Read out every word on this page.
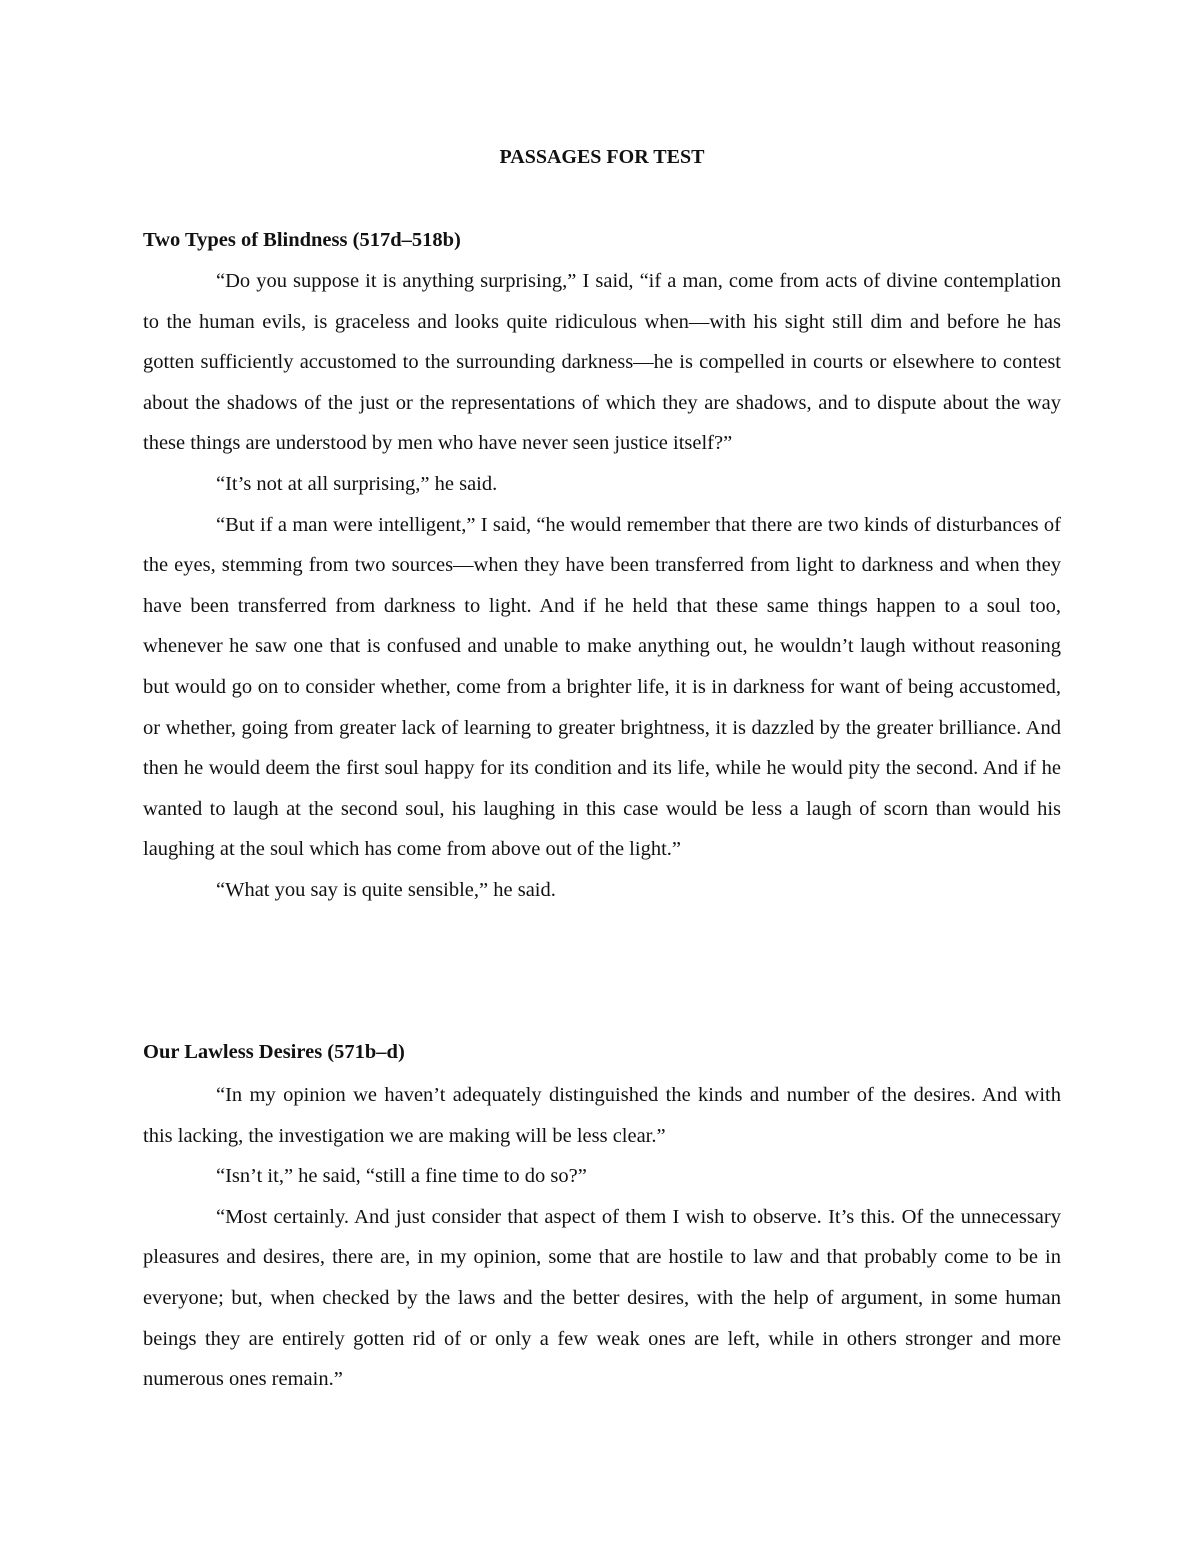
PASSAGES FOR TEST
Two Types of Blindness (517d–518b)

“Do you suppose it is anything surprising,” I said, “if a man, come from acts of divine contemplation to the human evils, is graceless and looks quite ridiculous when—with his sight still dim and before he has gotten sufficiently accustomed to the surrounding darkness—he is compelled in courts or elsewhere to contest about the shadows of the just or the representations of which they are shadows, and to dispute about the way these things are understood by men who have never seen justice itself?”

“It’s not at all surprising,” he said.

“But if a man were intelligent,” I said, “he would remember that there are two kinds of disturbances of the eyes, stemming from two sources—when they have been transferred from light to darkness and when they have been transferred from darkness to light. And if he held that these same things happen to a soul too, whenever he saw one that is confused and unable to make anything out, he wouldn’t laugh without reasoning but would go on to consider whether, come from a brighter life, it is in darkness for want of being accustomed, or whether, going from greater lack of learning to greater brightness, it is dazzled by the greater brilliance. And then he would deem the first soul happy for its condition and its life, while he would pity the second. And if he wanted to laugh at the second soul, his laughing in this case would be less a laugh of scorn than would his laughing at the soul which has come from above out of the light.”

“What you say is quite sensible,” he said.

Our Lawless Desires (571b–d)

“In my opinion we haven’t adequately distinguished the kinds and number of the desires. And with this lacking, the investigation we are making will be less clear.”

“Isn’t it,” he said, “still a fine time to do so?”

“Most certainly. And just consider that aspect of them I wish to observe. It’s this. Of the unnecessary pleasures and desires, there are, in my opinion, some that are hostile to law and that probably come to be in everyone; but, when checked by the laws and the better desires, with the help of argument, in some human beings they are entirely gotten rid of or only a few weak ones are left, while in others stronger and more numerous ones remain.”
